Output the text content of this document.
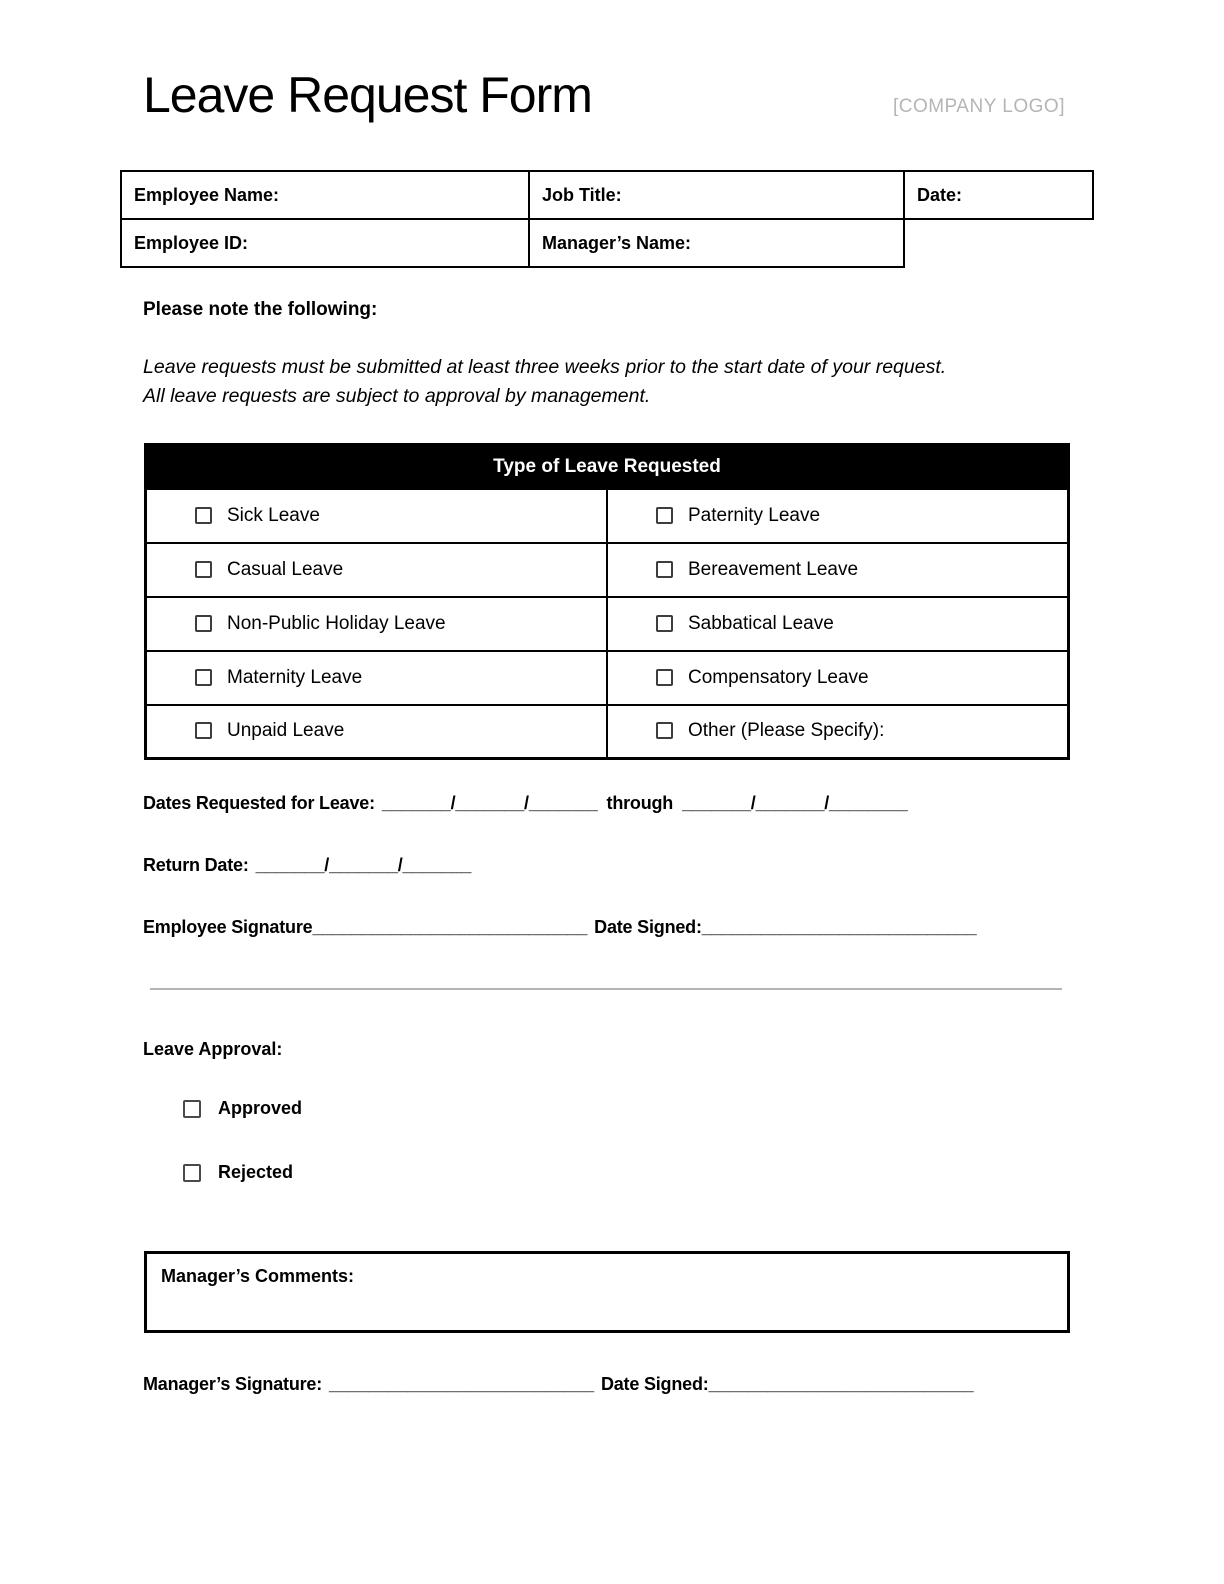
Leave Request Form	[COMPANY LOGO]
Employee Name:	Job Title:	Date:
Employee ID:	Manager’s Name:	
Please note the following:
Leave requests must be submitted at least three weeks prior to the start date of your request.
All leave requests are subject to approval by management.
Type of Leave Requested	
Sick Leave	Paternity Leave
Casual Leave	Bereavement Leave
Non-Public Holiday Leave	Sabbatical Leave
Maternity Leave	Compensatory Leave
Unpaid Leave	Other (Please Specify):
Dates Requested for Leave: _______/_______/_______ through _______/_______/________
Return Date: _______/_______/_______
Employee Signature____________________________ Date Signed:____________________________
Leave Approval:
Approved
Rejected
Manager’s Comments:
Manager’s Signature: ___________________________ Date Signed:___________________________
